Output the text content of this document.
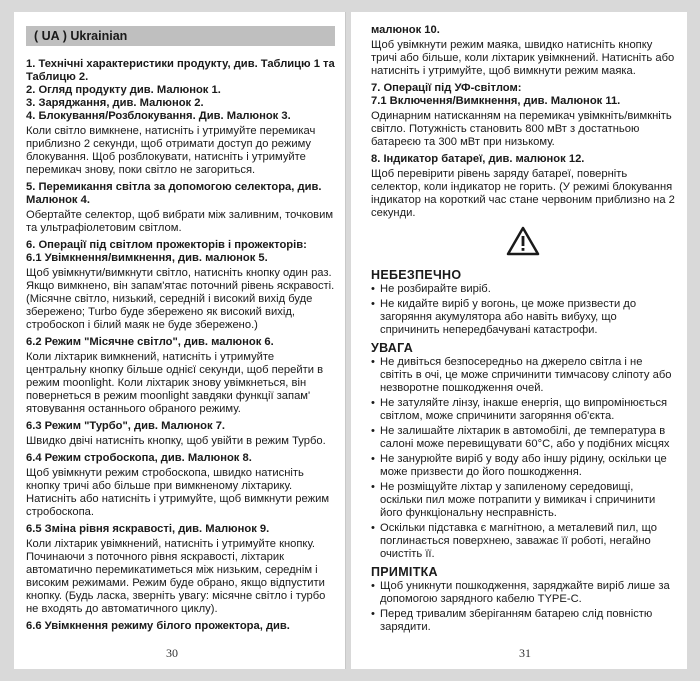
( UA ) Ukrainian

1. Технічні характеристики продукту, див. Таблицю 1 та Таблицю 2.

2. Огляд продукту див. Малюнок 1.

3. Заряджання, див. Малюнок 2.

4. Блокування/Розблокування. Див. Малюнок 3.

Коли світло вимкнене, натисніть і утримуйте перемикач приблизно 2 секунди, щоб отримати доступ до режиму блокування. Щоб розблокувати, натисніть і утримуйте перемикач знову, поки світло не загориться.

5. Перемикання світла за допомогою селектора, див. Малюнок 4.

Обертайте селектор, щоб вибрати між заливним, точковим та ультрафіолетовим світлом.

6. Операції під світлом прожекторів і прожекторів:

6.1 Увімкнення/вимкнення, див. малюнок 5.

Щоб увімкнути/вимкнути світло, натисніть кнопку один раз. Якщо вимкнено, він запам'ятає поточний рівень яскравості. (Місячне світло, низький, середній і високий вихід буде збережено; Turbo буде збережено як високий вихід, стробоскоп і білий маяк не буде збережено.)

6.2 Режим "Місячне світло", див. малюнок 6.

Коли ліхтарик вимкнений, натисніть і утримуйте центральну кнопку більше однієї секунди, щоб перейти в режим moonlight. Коли ліхтарик знову увімкнеться, він повернеться в режим moonlight завдяки функції запам' ятовування останнього обраного режиму.

6.3 Режим "Турбо", див. Малюнок 7.

Швидко двічі натисніть кнопку, щоб увійти в режим Турбо.

6.4 Режим стробоскопа, див. Малюнок 8.

Щоб увімкнути режим стробоскопа, швидко натисніть кнопку тричі або більше при вимкненому ліхтарику. Натисніть або натисніть і утримуйте, щоб вимкнути режим стробоскопа.

6.5 Зміна рівня яскравості, див. Малюнок 9.

Коли ліхтарик увімкнений, натисніть і утримуйте кнопку. Починаючи з поточного рівня яскравості, ліхтарик автоматично перемикатиметься між низьким, середнім і високим режимами. Режим буде обрано, якщо відпустити кнопку. (Будь ласка, зверніть увагу: місячне світло і турбо не входять до автоматичного циклу).

6.6 Увімкнення режиму білого прожектора, див.

30

малюнок 10.

Щоб увімкнути режим маяка, швидко натисніть кнопку тричі або більше, коли ліхтарик увімкнений. Натисніть або натисніть і утримуйте, щоб вимкнути режим маяка.

7. Операції під УФ-світлом:

7.1 Включення/Вимкнення, див. Малюнок 11.

Одинарним натисканням на перемикач увімкніть/вимкніть світло. Потужність становить 800 мВт з достатньою батареєю та 300 мВт при низькому.

8. Індикатор батареї, див. малюнок 12.

Щоб перевірити рівень заряду батареї, поверніть селектор, коли індикатор не горить. (У режимі блокування індикатор на короткий час стане червоним приблизно на 2 секунди.

НЕБЕЗПЕЧНО
• Не розбирайте виріб.
• Не кидайте виріб у вогонь, це може призвести до загоряння акумулятора або навіть вибуху, що спричинить непередбачувані катастрофи.
УВАГА
• Не дивіться безпосередньо на джерело світла і не світіть в очі, це може спричинити тимчасову сліпоту або незворотне пошкодження очей.
• Не затуляйте лінзу, інакше енергія, що випромінюється світлом, може спричинити загоряння об'єкта.
• Не залишайте ліхтарик в автомобілі, де температура в салоні може перевищувати 60°C, або у подібних місцях
• Не занурюйте виріб у воду або іншу рідину, оскільки це може призвести до його пошкодження.
• Не розміщуйте ліхтар у запиленому середовищі, оскільки пил може потрапити у вимикач і спричинити його функціональну несправність.
• Оскільки підставка є магнітною, а металевий пил, що поглинається поверхнею, заважає її роботі, негайно очистіть її.
ПРИМІТКА
• Щоб уникнути пошкодження, заряджайте виріб лише за допомогою зарядного кабелю TYPE-C.
• Перед тривалим зберіганням батарею слід повністю зарядити.
31
